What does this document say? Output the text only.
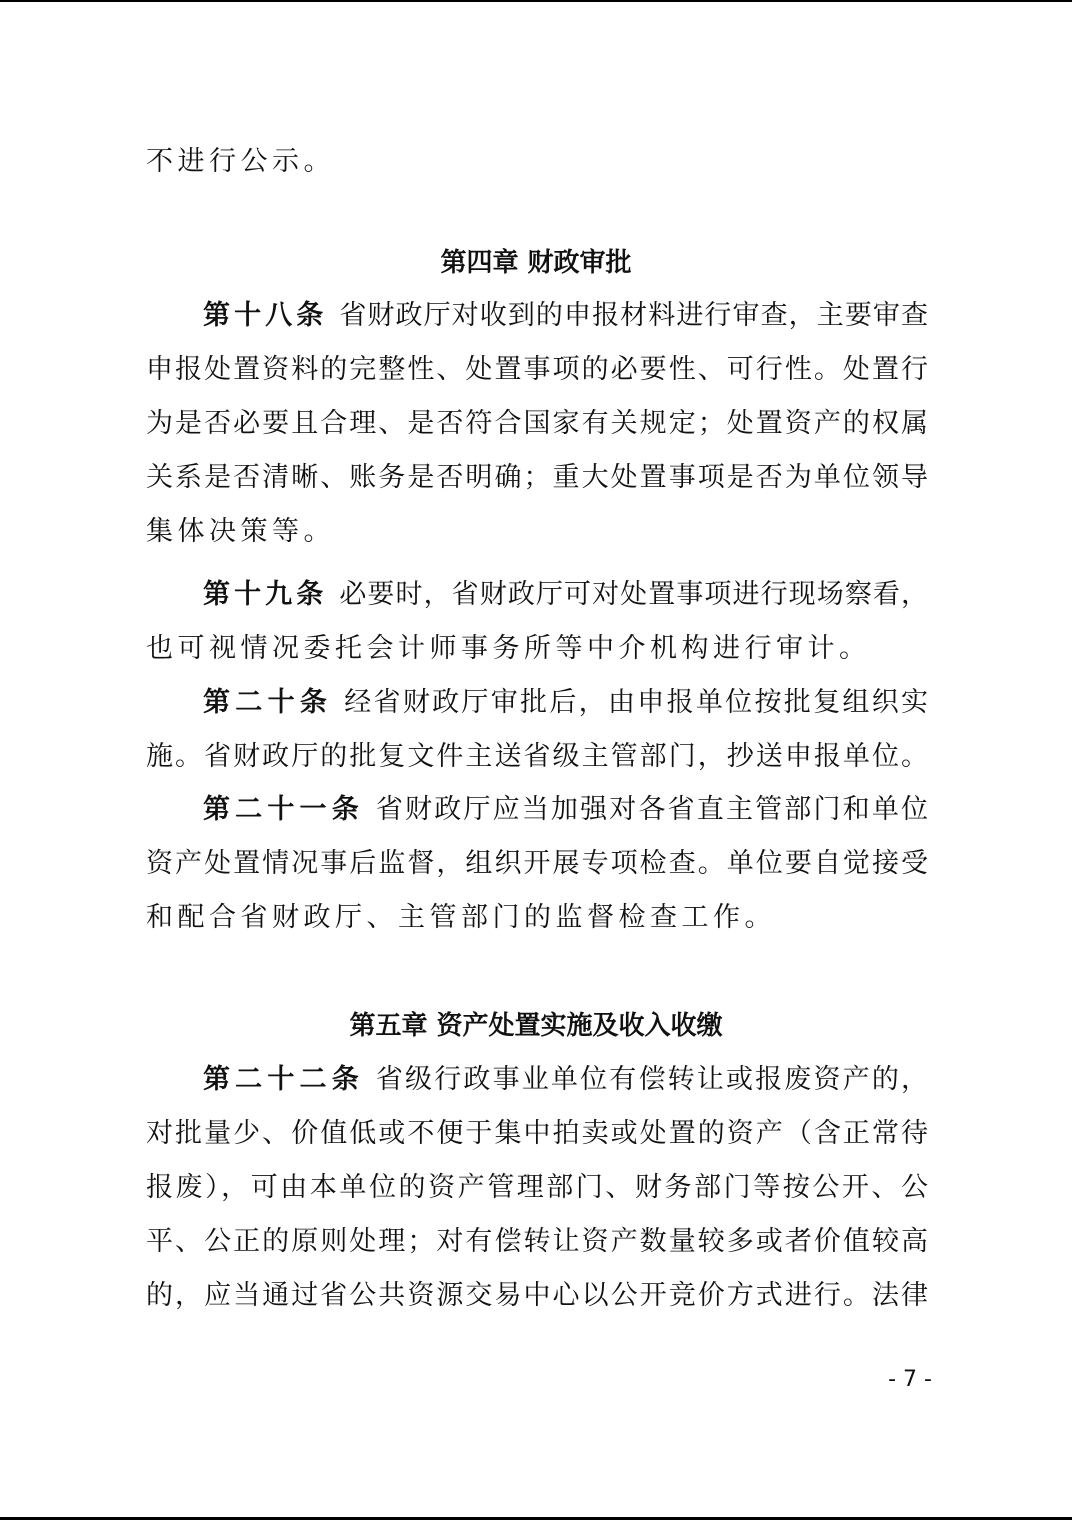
不进行公示。
第四章 财政审批
第十八条 省财政厅对收到的申报材料进行审查，主要审查
申报处置资料的完整性、处置事项的必要性、可行性。处置行
为是否必要且合理、是否符合国家有关规定；处置资产的权属
关系是否清晰、账务是否明确；重大处置事项是否为单位领导
集体决策等。
第十九条 必要时，省财政厅可对处置事项进行现场察看，
也可视情况委托会计师事务所等中介机构进行审计。
第二十条 经省财政厅审批后，由申报单位按批复组织实
施。省财政厅的批复文件主送省级主管部门，抄送申报单位。
第二十一条 省财政厅应当加强对各省直主管部门和单位
资产处置情况事后监督，组织开展专项检查。单位要自觉接受
和配合省财政厅、主管部门的监督检查工作。
第五章 资产处置实施及收入收缴
第二十二条 省级行政事业单位有偿转让或报废资产的，
对批量少、价值低或不便于集中拍卖或处置的资产（含正常待
报废），可由本单位的资产管理部门、财务部门等按公开、公
平、公正的原则处理；对有偿转让资产数量较多或者价值较高
的，应当通过省公共资源交易中心以公开竞价方式进行。法律
- 7 -
